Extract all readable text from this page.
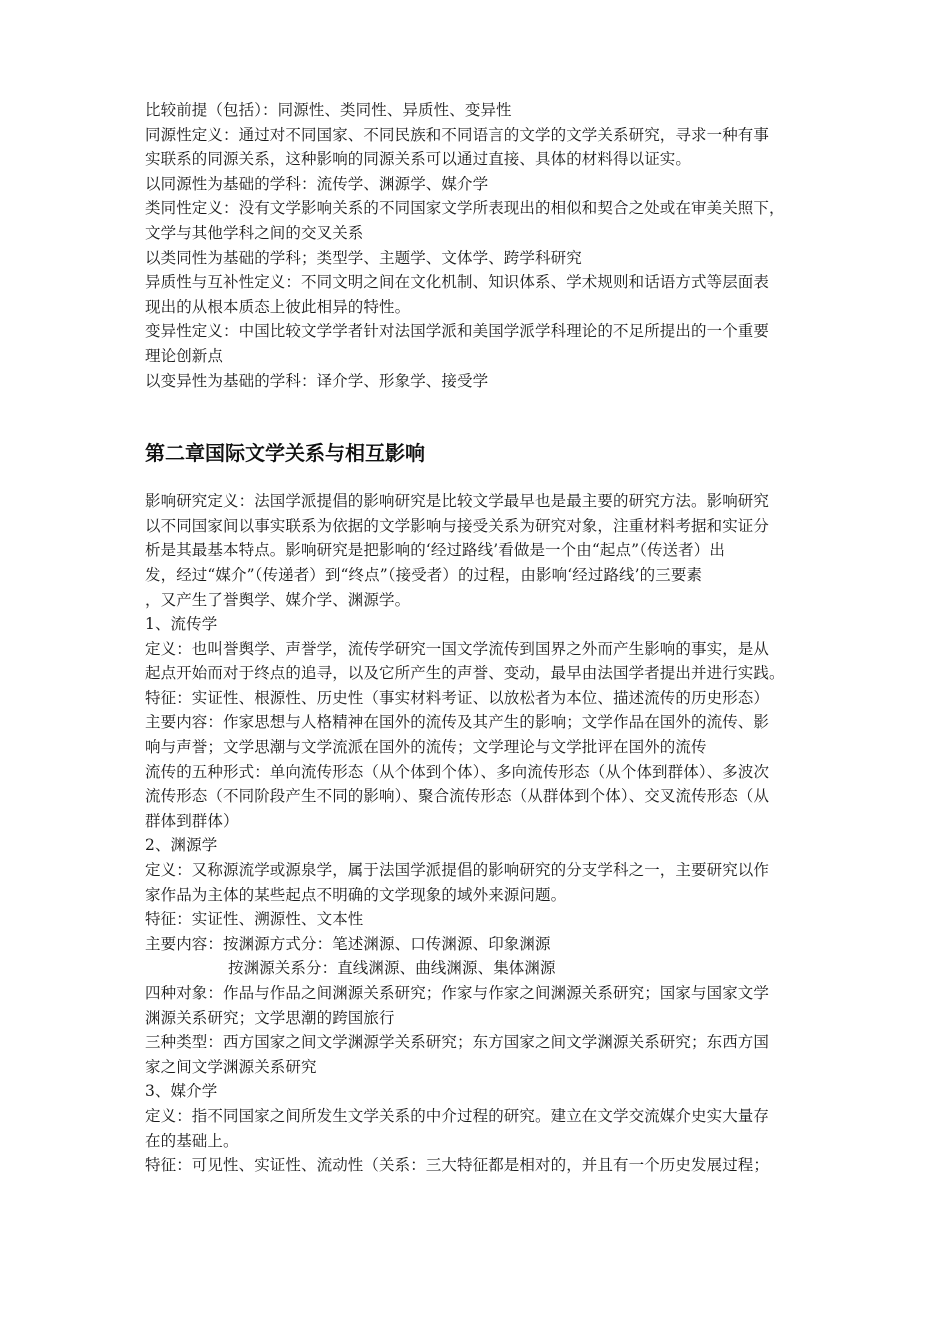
比较前提（包括）：同源性、类同性、异质性、变异性
同源性定义：通过对不同国家、不同民族和不同语言的文学的文学关系研究，寻求一种有事
实联系的同源关系，这种影响的同源关系可以通过直接、具体的材料得以证实。
以同源性为基础的学科：流传学、渊源学、媒介学
类同性定义：没有文学影响关系的不同国家文学所表现出的相似和契合之处或在审美关照下，
文学与其他学科之间的交叉关系
以类同性为基础的学科；类型学、主题学、文体学、跨学科研究
异质性与互补性定义：不同文明之间在文化机制、知识体系、学术规则和话语方式等层面表
现出的从根本质态上彼此相异的特性。
变异性定义：中国比较文学学者针对法国学派和美国学派学科理论的不足所提出的一个重要
理论创新点
以变异性为基础的学科：译介学、形象学、接受学
第二章国际文学关系与相互影响
影响研究定义：法国学派提倡的影响研究是比较文学最早也是最主要的研究方法。影响研究
以不同国家间以事实联系为依据的文学影响与接受关系为研究对象，注重材料考据和实证分
析是其最基本特点。影响研究是把影响的‘经过路线’看做是一个由“起点”（传送者）出
发，经过“媒介”（传递者）到“终点”（接受者）的过程，由影响‘经过路线’的三要素
，又产生了誉舆学、媒介学、渊源学。
1、流传学
定义：也叫誉舆学、声誉学，流传学研究一国文学流传到国界之外而产生影响的事实，是从
起点开始而对于终点的追寻，以及它所产生的声誉、变动，最早由法国学者提出并进行实践。
特征：实证性、根源性、历史性（事实材料考证、以放松者为本位、描述流传的历史形态）
主要内容：作家思想与人格精神在国外的流传及其产生的影响；文学作品在国外的流传、影
响与声誉；文学思潮与文学流派在国外的流传；文学理论与文学批评在国外的流传
流传的五种形式：单向流传形态（从个体到个体）、多向流传形态（从个体到群体）、多波次
流传形态（不同阶段产生不同的影响）、聚合流传形态（从群体到个体）、交叉流传形态（从
群体到群体）
2、渊源学
定义：又称源流学或源泉学，属于法国学派提倡的影响研究的分支学科之一，主要研究以作
家作品为主体的某些起点不明确的文学现象的域外来源问题。
特征：实证性、溯源性、文本性
主要内容：按渊源方式分：笔述渊源、口传渊源、印象渊源
按渊源关系分：直线渊源、曲线渊源、集体渊源
四种对象：作品与作品之间渊源关系研究；作家与作家之间渊源关系研究；国家与国家文学
渊源关系研究；文学思潮的跨国旅行
三种类型：西方国家之间文学渊源学关系研究；东方国家之间文学渊源关系研究；东西方国
家之间文学渊源关系研究
3、媒介学
定义：指不同国家之间所发生文学关系的中介过程的研究。建立在文学交流媒介史实大量存
在的基础上。
特征：可见性、实证性、流动性（关系：三大特征都是相对的，并且有一个历史发展过程；
